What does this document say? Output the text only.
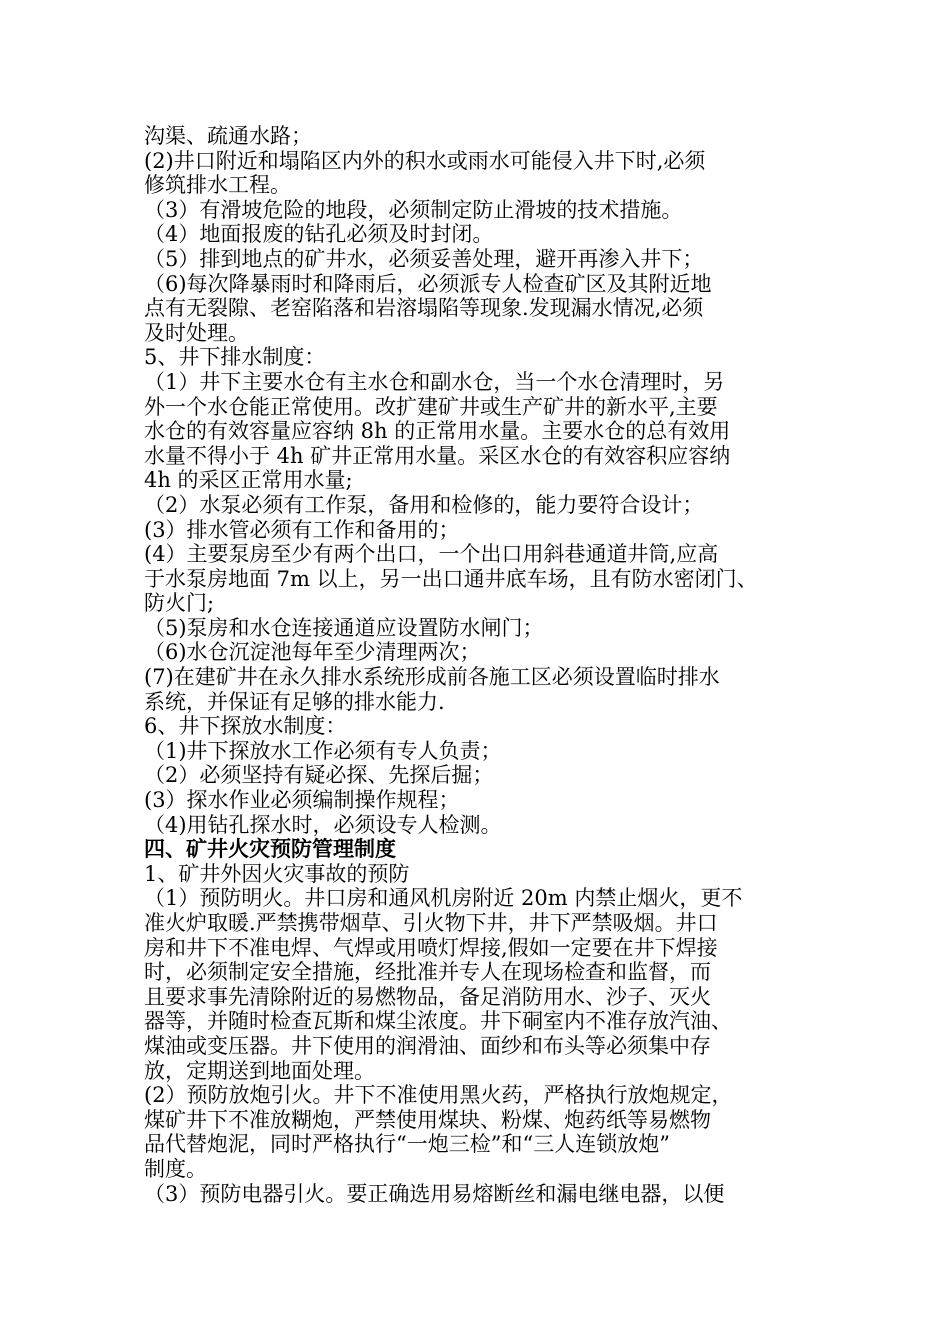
沟渠、疏通水路；
(2)井口附近和塌陷区内外的积水或雨水可能侵入井下时,必须
修筑排水工程。
（3）有滑坡危险的地段，必须制定防止滑坡的技术措施。
（4）地面报废的钻孔必须及时封闭。
（5）排到地点的矿井水，必须妥善处理，避开再渗入井下；
（6)每次降暴雨时和降雨后，必须派专人检查矿区及其附近地
点有无裂隙、老窑陷落和岩溶塌陷等现象.发现漏水情况,必须
及时处理。
5、井下排水制度：
（1）井下主要水仓有主水仓和副水仓，当一个水仓清理时，另
外一个水仓能正常使用。改扩建矿井或生产矿井的新水平,主要
水仓的有效容量应容纳 8h 的正常用水量。主要水仓的总有效用
水量不得小于 4h 矿井正常用水量。采区水仓的有效容积应容纳
4h 的采区正常用水量;
（2）水泵必须有工作泵，备用和检修的，能力要符合设计；
(3）排水管必须有工作和备用的；
(4）主要泵房至少有两个出口，一个出口用斜巷通道井筒,应高
于水泵房地面 7m 以上，另一出口通井底车场，且有防水密闭门、
防火门;
（5)泵房和水仓连接通道应设置防水闸门；
（6)水仓沉淀池每年至少清理两次；
(7)在建矿井在永久排水系统形成前各施工区必须设置临时排水
系统，并保证有足够的排水能力.
6、井下探放水制度：
（1)井下探放水工作必须有专人负责；
（2）必须坚持有疑必探、先探后掘；
(3）探水作业必须编制操作规程；
（4)用钻孔探水时，必须设专人检测。
四、矿井火灾预防管理制度
1、矿井外因火灾事故的预防
（1）预防明火。井口房和通风机房附近 20m 内禁止烟火，更不
准火炉取暖.严禁携带烟草、引火物下井，井下严禁吸烟。井口
房和井下不准电焊、气焊或用喷灯焊接,假如一定要在井下焊接
时，必须制定安全措施，经批准并专人在现场检查和监督，而
且要求事先清除附近的易燃物品，备足消防用水、沙子、灭火
器等，并随时检查瓦斯和煤尘浓度。井下硐室内不准存放汽油、
煤油或变压器。井下使用的润滑油、面纱和布头等必须集中存
放，定期送到地面处理。
(2）预防放炮引火。井下不准使用黑火药，严格执行放炮规定，
煤矿井下不准放糊炮，严禁使用煤块、粉煤、炮药纸等易燃物
品代替炮泥，同时严格执行“一炮三检”和“三人连锁放炮”
制度。
（3）预防电器引火。要正确选用易熔断丝和漏电继电器，以便
